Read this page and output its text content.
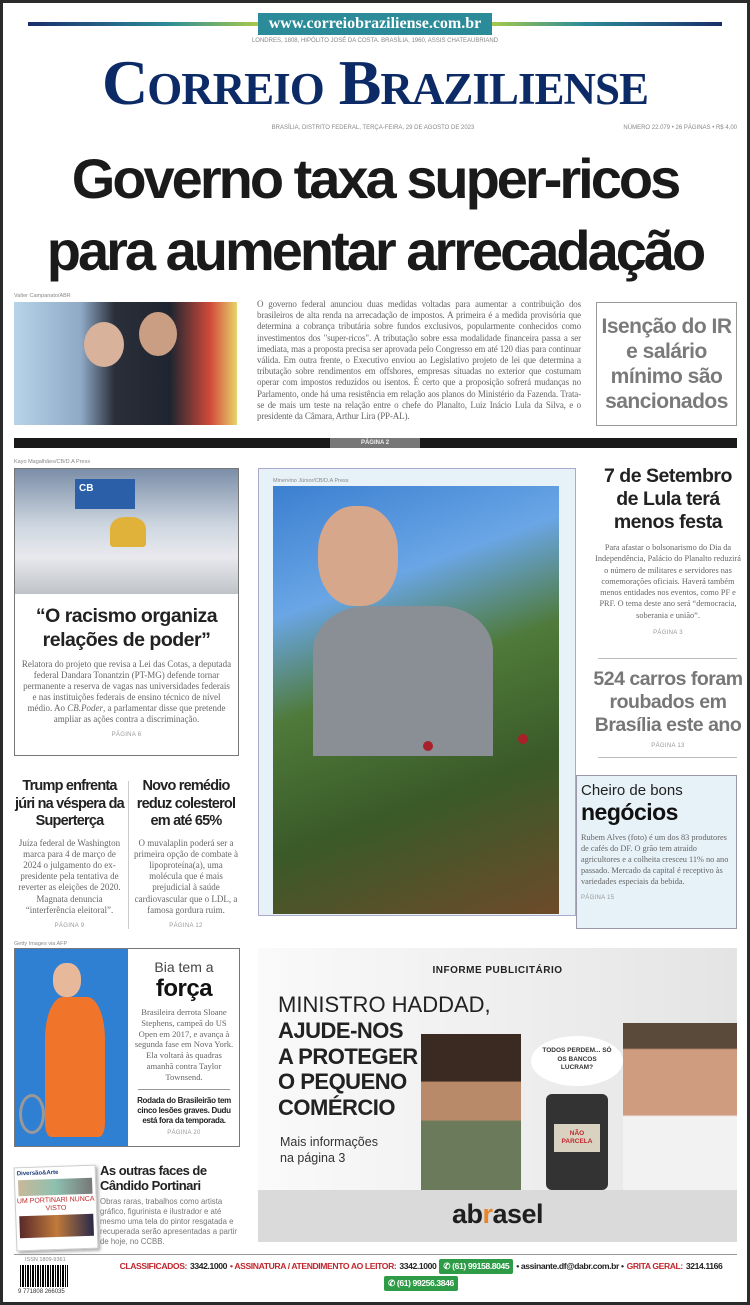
www.correiobraziliense.com.br
LONDRES, 1808, HIPÓLITO JOSÉ DA COSTA. BRASÍLIA, 1960, ASSIS CHATEAUBRIAND
Correio Braziliense
BRASÍLIA, DISTRITO FEDERAL, TERÇA-FEIRA, 29 DE AGOSTO DE 2023	NÚMERO 22.079 • 26 PÁGINAS • R$ 4,00
Governo taxa super-ricos
para aumentar arrecadação
Valter Campanato/ABR
O governo federal anunciou duas medidas voltadas para aumentar a contribuição dos brasileiros de alta renda na arrecadação de impostos. A primeira é a medida provisória que determina a cobrança tributária sobre fundos exclusivos, popularmente conhecidos como investimentos dos "super-ricos". A tributação sobre essa modalidade financeira passa a ser imediata, mas a proposta precisa ser aprovada pelo Congresso em até 120 dias para continuar válida. Em outra frente, o Executivo enviou ao Legislativo projeto de lei que determina a tributação sobre rendimentos em offshores, empresas situadas no exterior que costumam operar com impostos reduzidos ou isentos. É certo que a proposição sofrerá mudanças no Parlamento, onde há uma resistência em relação aos planos do Ministério da Fazenda. Trata-se de mais um teste na relação entre o chefe do Planalto, Luiz Inácio Lula da Silva, e o presidente da Câmara, Arthur Lira (PP-AL).
Isenção do IR e salário mínimo são sancionados
PÁGINA 2
Kayo Magalhães/CB/D.A Press
CB
“O racismo organiza relações de poder”
Relatora do projeto que revisa a Lei das Cotas, a deputada federal Dandara Tonantzin (PT-MG) defende tornar permanente a reserva de vagas nas universidades federais e nas instituições federais de ensino técnico de nível médio. Ao CB.Poder, a parlamentar disse que pretende ampliar as ações contra a discriminação.
PÁGINA 6
Trump enfrenta júri na véspera da Superterça
Juíza federal de Washington marca para 4 de março de 2024 o julgamento do ex-presidente pela tentativa de reverter as eleições de 2020. Magnata denuncia “interferência eleitoral”.
PÁGINA 9
Novo remédio reduz colesterol em até 65%
O muvalaplin poderá ser a primeira opção de combate à lipoproteína(a), uma molécula que é mais prejudicial à saúde cardiovascular que o LDL, a famosa gordura ruim.
PÁGINA 12
Minervino Júnior/CB/D.A Press
Cheiro de bons
negócios
Rubem Alves (foto) é um dos 83 produtores de cafés do DF. O grão tem atraído agricultores e a colheita cresceu 11% no ano passado. Mercado da capital é receptivo às variedades especiais da bebida.
PÁGINA 15
7 de Setembro de Lula terá menos festa
Para afastar o bolsonarismo do Dia da Independência, Palácio do Planalto reduzirá o número de militares e servidores nas comemorações oficiais. Haverá também menos entidades nos eventos, como PF e PRF. O tema deste ano será “democracia, soberania e união”.
PÁGINA 3
524 carros foram roubados em Brasília este ano
PÁGINA 13
Getty Images via AFP
Bia tem a
força
Brasileira derrota Sloane Stephens, campeã do US Open em 2017, e avança à segunda fase em Nova York. Ela voltará às quadras amanhã contra Taylor Townsend.
Rodada do Brasileirão tem cinco lesões graves. Dudu está fora da temporada.
PÁGINA 20
Diversão&Arte
UM PORTINARI NUNCA VISTO
As outras faces de Cândido Portinari
Obras raras, trabalhos como artista gráfico, figurinista e ilustrador e até mesmo uma tela do pintor resgatada e recuperada serão apresentadas a partir de hoje, no CCBB.
INFORME PUBLICITÁRIO
MINISTRO HADDAD,
AJUDE-NOS
A PROTEGER
O PEQUENO
COMÉRCIO
Mais informações
na página 3
TODOS PERDEM... SÓ OS BANCOS LUCRAM?
NÃO PARCELA
abrasel
ISSN 1809-9361
9 771808 266035
CLASSIFICADOS: 3342.1000 • ASSINATURA / ATENDIMENTO AO LEITOR: 3342.1000 ✆ (61) 99158.8045 • assinante.df@dabr.com.br • GRITA GERAL: 3214.1166
✆ (61) 99256.3846
